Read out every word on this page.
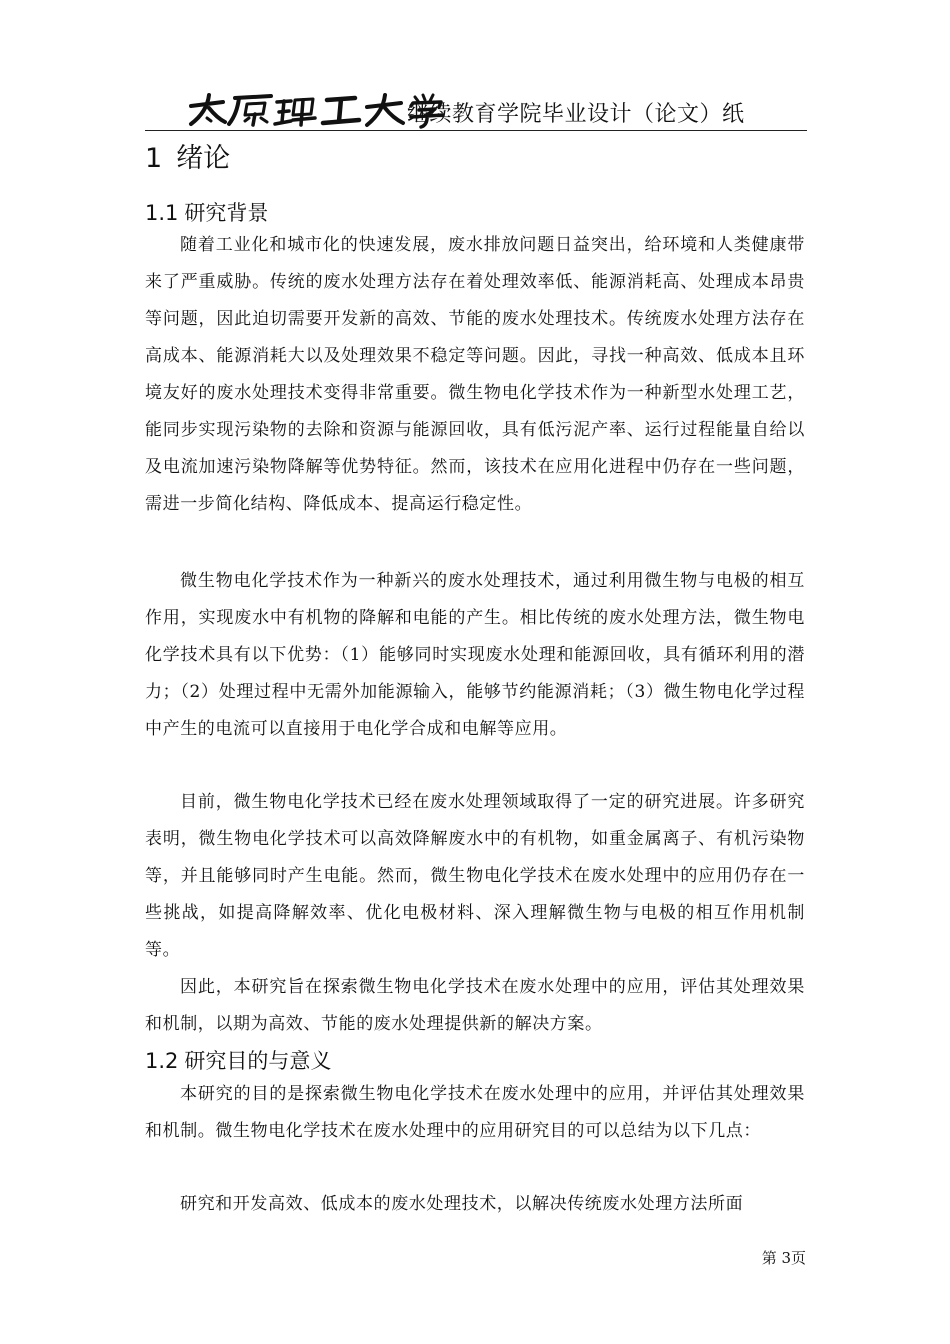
继续教育学院毕业设计（论文）纸
1 绪论
1.1 研究背景

随着工业化和城市化的快速发展，废水排放问题日益突出，给环境和人类健康带来了严重威胁。传统的废水处理方法存在着处理效率低、能源消耗高、处理成本昂贵等问题，因此迫切需要开发新的高效、节能的废水处理技术。传统废水处理方法存在高成本、能源消耗大以及处理效果不稳定等问题。因此，寻找一种高效、低成本且环境友好的废水处理技术变得非常重要。微生物电化学技术作为一种新型水处理工艺，能同步实现污染物的去除和资源与能源回收，具有低污泥产率、运行过程能量自给以及电流加速污染物降解等优势特征。然而，该技术在应用化进程中仍存在一些问题，需进一步简化结构、降低成本、提高运行稳定性。

微生物电化学技术作为一种新兴的废水处理技术，通过利用微生物与电极的相互作用，实现废水中有机物的降解和电能的产生。相比传统的废水处理方法，微生物电化学技术具有以下优势：（1）能够同时实现废水处理和能源回收，具有循环利用的潜力；（2）处理过程中无需外加能源输入，能够节约能源消耗；（3）微生物电化学过程中产生的电流可以直接用于电化学合成和电解等应用。

目前，微生物电化学技术已经在废水处理领域取得了一定的研究进展。许多研究表明，微生物电化学技术可以高效降解废水中的有机物，如重金属离子、有机污染物等，并且能够同时产生电能。然而，微生物电化学技术在废水处理中的应用仍存在一些挑战，如提高降解效率、优化电极材料、深入理解微生物与电极的相互作用机制等。

因此，本研究旨在探索微生物电化学技术在废水处理中的应用，评估其处理效果和机制，以期为高效、节能的废水处理提供新的解决方案。

1.2 研究目的与意义

本研究的目的是探索微生物电化学技术在废水处理中的应用，并评估其处理效果和机制。微生物电化学技术在废水处理中的应用研究目的可以总结为以下几点：

研究和开发高效、低成本的废水处理技术，以解决传统废水处理方法所面

第 3页
